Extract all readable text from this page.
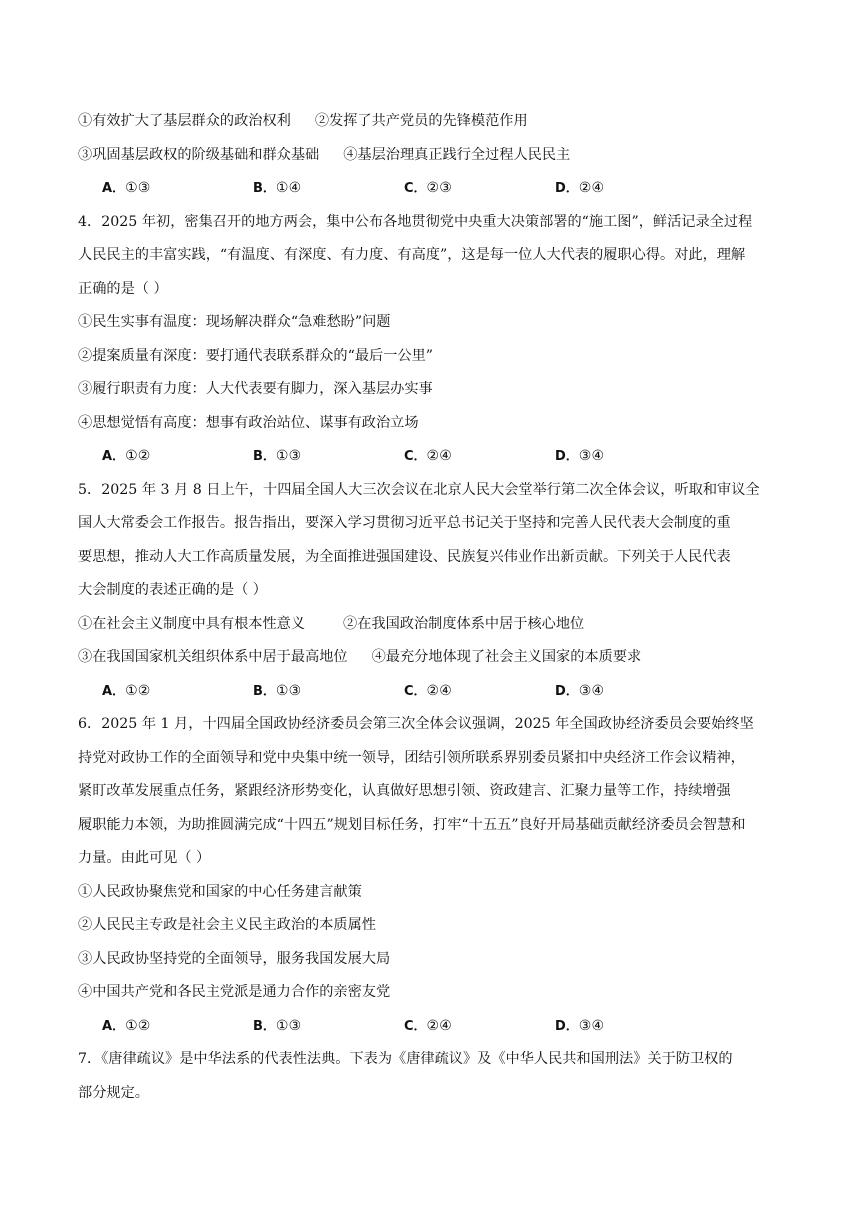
①有效扩大了基层群众的政治权利 ②发挥了共产党员的先锋模范作用
③巩固基层政权的阶级基础和群众基础 ④基层治理真正践行全过程人民民主
A．①③	B．①④	C．②③	D．②④
4．2025 年初，密集召开的地方两会，集中公布各地贯彻党中央重大决策部署的“施工图”，鲜活记录全过程
人民民主的丰富实践，“有温度、有深度、有力度、有高度”，这是每一位人大代表的履职心得。对此，理解
正确的是（ ）
①民生实事有温度：现场解决群众“急难愁盼”问题
②提案质量有深度：要打通代表联系群众的“最后一公里”
③履行职责有力度：人大代表要有脚力，深入基层办实事
④思想觉悟有高度：想事有政治站位、谋事有政治立场
A．①②	B．①③	C．②④	D．③④
5．2025 年 3 月 8 日上午，十四届全国人大三次会议在北京人民大会堂举行第二次全体会议，听取和审议全
国人大常委会工作报告。报告指出，要深入学习贯彻习近平总书记关于坚持和完善人民代表大会制度的重
要思想，推动人大工作高质量发展，为全面推进强国建设、民族复兴伟业作出新贡献。下列关于人民代表
大会制度的表述正确的是（ ）
①在社会主义制度中具有根本性意义	②在我国政治制度体系中居于核心地位
③在我国国家机关组织体系中居于最高地位 ④最充分地体现了社会主义国家的本质要求
A．①②	B．①③	C．②④	D．③④
6．2025 年 1 月，十四届全国政协经济委员会第三次全体会议强调，2025 年全国政协经济委员会要始终坚
持党对政协工作的全面领导和党中央集中统一领导，团结引领所联系界别委员紧扣中央经济工作会议精神，
紧盯改革发展重点任务，紧跟经济形势变化，认真做好思想引领、资政建言、汇聚力量等工作，持续增强
履职能力本领，为助推圆满完成“十四五”规划目标任务，打牢“十五五”良好开局基础贡献经济委员会智慧和
力量。由此可见（ ）
①人民政协聚焦党和国家的中心任务建言献策
②人民民主专政是社会主义民主政治的本质属性
③人民政协坚持党的全面领导，服务我国发展大局
④中国共产党和各民主党派是通力合作的亲密友党
A．①②	B．①③	C．②④	D．③④
7．《唐律疏议》是中华法系的代表性法典。下表为《唐律疏议》及《中华人民共和国刑法》关于防卫权的
部分规定。
